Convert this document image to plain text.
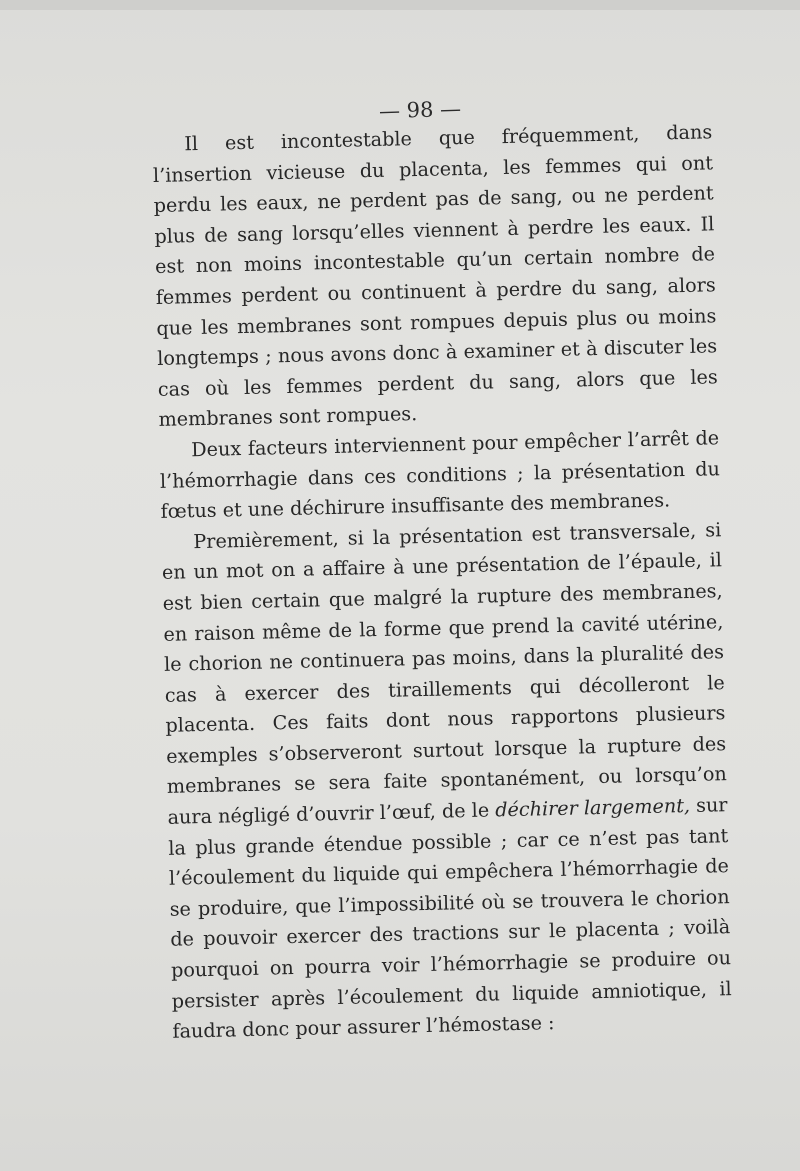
— 98 —

Il est incontestable que fréquemment, dans l’insertion vicieuse du placenta, les femmes qui ont perdu les eaux, ne perdent pas de sang, ou ne perdent plus de sang lorsqu’elles viennent à perdre les eaux. Il est non moins incontestable qu’un certain nombre de femmes perdent ou continuent à perdre du sang, alors que les membranes sont rompues depuis plus ou moins longtemps ; nous avons donc à examiner et à discuter les cas où les femmes perdent du sang, alors que les membranes sont rompues.

Deux facteurs interviennent pour empêcher l’arrêt de l’hémorrhagie dans ces conditions ; la présentation du fœtus et une déchirure insuffisante des membranes.

Premièrement, si la présentation est transversale, si en un mot on a affaire à une présentation de l’épaule, il est bien certain que malgré la rupture des membranes, en raison même de la forme que prend la cavité utérine, le chorion ne continuera pas moins, dans la pluralité des cas à exercer des tiraillements qui décolleront le placenta. Ces faits dont nous rapportons plusieurs exemples s’observeront surtout lorsque la rupture des membranes se sera faite spontanément, ou lorsqu’on aura négligé d’ouvrir l’œuf, de le déchirer largement, sur la plus grande étendue possible ; car ce n’est pas tant l’écoulement du liquide qui empêchera l’hémorrhagie de se produire, que l’impossibilité où se trouvera le chorion de pouvoir exercer des tractions sur le placenta ; voilà pourquoi on pourra voir l’hémorrhagie se produire ou persister après l’écoulement du liquide amniotique, il faudra donc pour assurer l’hémostase :
